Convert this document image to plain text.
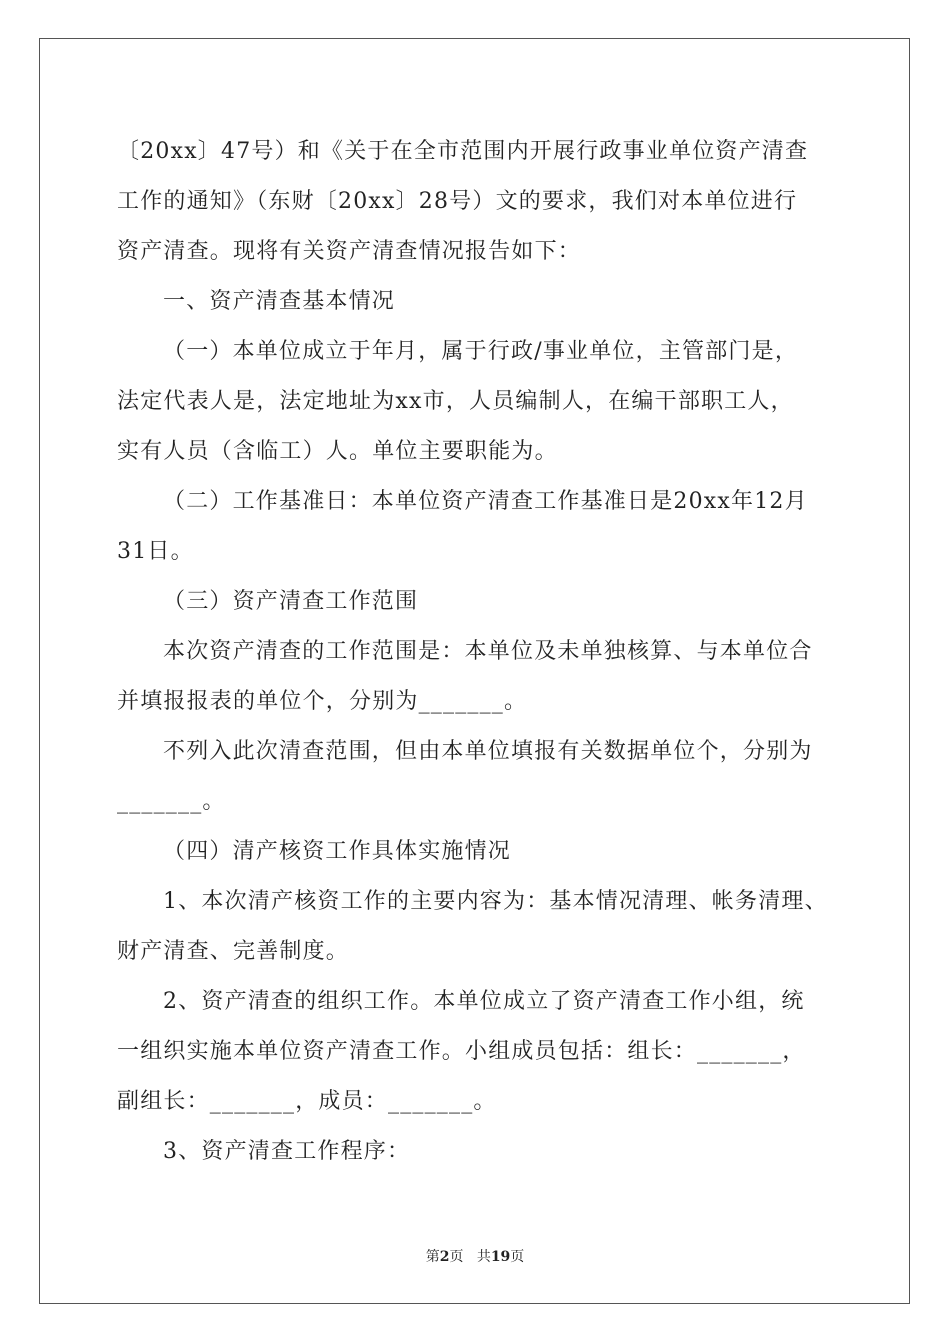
〔20xx〕47号）和《关于在全市范围内开展行政事业单位资产清查
工作的通知》（东财〔20xx〕28号）文的要求，我们对本单位进行
资产清查。现将有关资产清查情况报告如下：
一、资产清查基本情况
（一）本单位成立于年月，属于行政/事业单位，主管部门是，
法定代表人是，法定地址为xx市，人员编制人，在编干部职工人，
实有人员（含临工）人。单位主要职能为。
（二）工作基准日：本单位资产清查工作基准日是20xx年12月
31日。
（三）资产清查工作范围
本次资产清查的工作范围是：本单位及未单独核算、与本单位合
并填报报表的单位个，分别为_______。
不列入此次清查范围，但由本单位填报有关数据单位个，分别为
_______。
（四）清产核资工作具体实施情况
1、本次清产核资工作的主要内容为：基本情况清理、帐务清理、
财产清查、完善制度。
2、资产清查的组织工作。本单位成立了资产清查工作小组，统
一组织实施本单位资产清查工作。小组成员包括：组长：_______，
副组长：_______，成员：_______。
3、资产清查工作程序：
第2页 共19页
